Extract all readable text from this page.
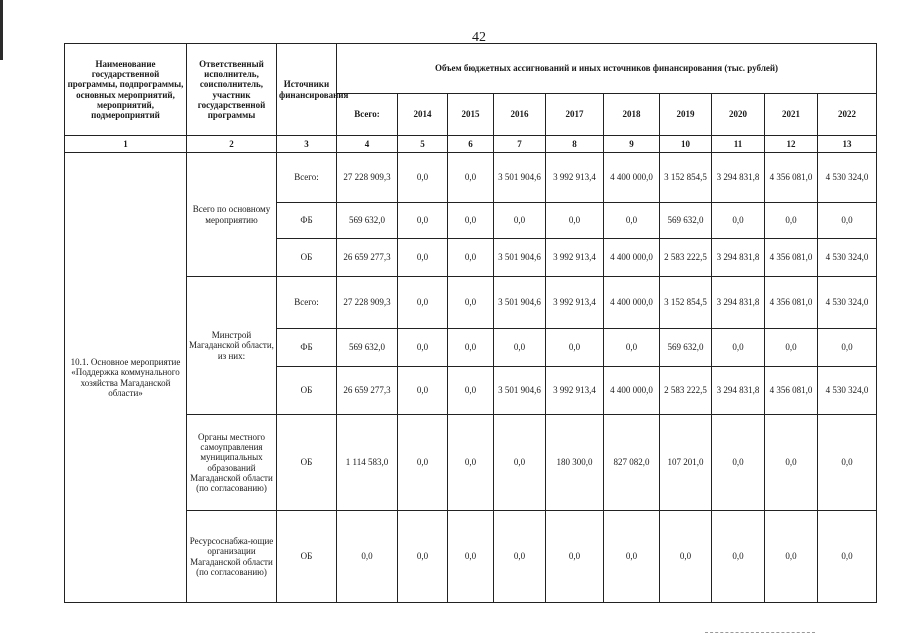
42
Наименование государственной программы, подпрограммы, основных мероприятий, мероприятий, подмероприятий	Ответственный исполнитель, соисполнитель, участник государственной программы	Источники финансирования	Объем бюджетных ассигнований и иных источников финансирования (тыс. рублей)									
			Всего:	2014	2015	2016	2017	2018	2019	2020	2021	2022
1	2	3	4	5	6	7	8	9	10	11	12	13
10.1. Основное мероприятие «Поддержка коммунального хозяйства Магаданской области»	Всего по основному мероприятию	Всего:	27 228 909,3	0,0	0,0	3 501 904,6	3 992 913,4	4 400 000,0	3 152 854,5	3 294 831,8	4 356 081,0	4 530 324,0
		ФБ	569 632,0	0,0	0,0	0,0	0,0	0,0	569 632,0	0,0	0,0	0,0
		ОБ	26 659 277,3	0,0	0,0	3 501 904,6	3 992 913,4	4 400 000,0	2 583 222,5	3 294 831,8	4 356 081,0	4 530 324,0
	Минстрой Магаданской области, из них:	Всего:	27 228 909,3	0,0	0,0	3 501 904,6	3 992 913,4	4 400 000,0	3 152 854,5	3 294 831,8	4 356 081,0	4 530 324,0
		ФБ	569 632,0	0,0	0,0	0,0	0,0	0,0	569 632,0	0,0	0,0	0,0
		ОБ	26 659 277,3	0,0	0,0	3 501 904,6	3 992 913,4	4 400 000,0	2 583 222,5	3 294 831,8	4 356 081,0	4 530 324,0
	Органы местного самоуправления муниципальных образований Магаданской области (по согласованию)	ОБ	1 114 583,0	0,0	0,0	0,0	180 300,0	827 082,0	107 201,0	0,0	0,0	0,0
	Ресурсоснабжа-ющие организации Магаданской области (по согласованию)	ОБ	0,0	0,0	0,0	0,0	0,0	0,0	0,0	0,0	0,0	0,0
